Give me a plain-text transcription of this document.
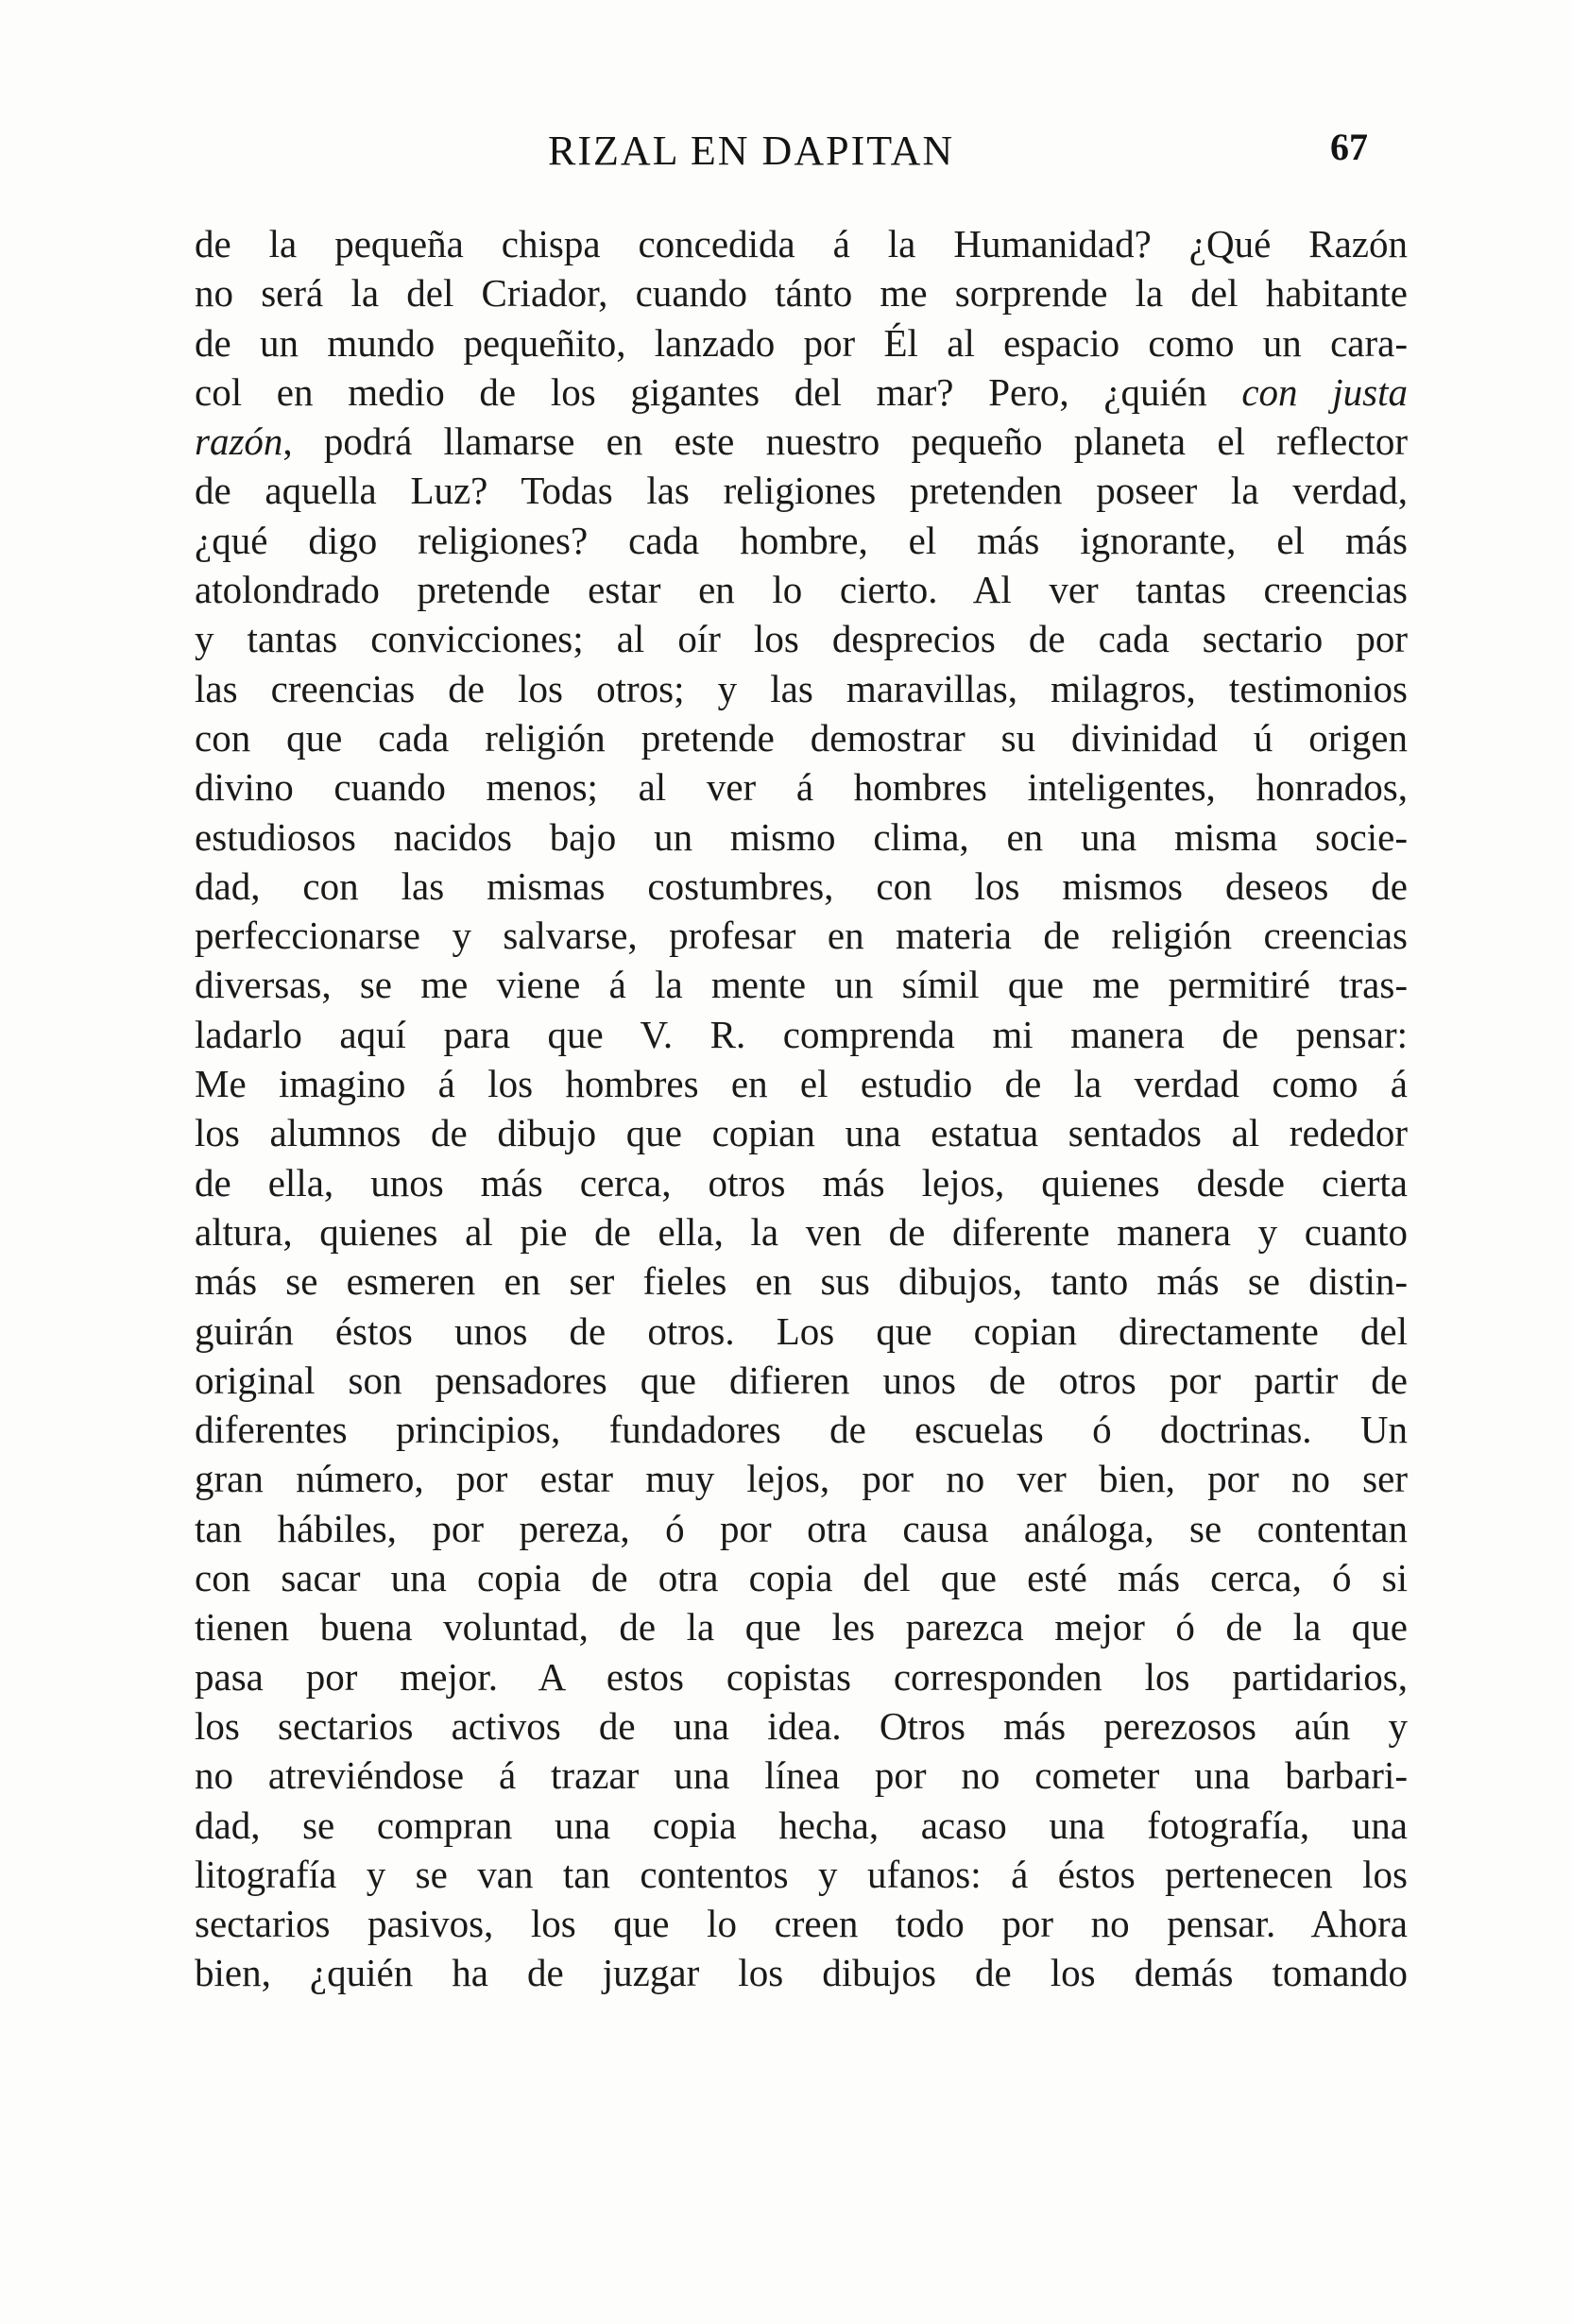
RIZAL EN DAPITAN	67
de la pequeña chispa concedida á la Humanidad? ¿Qué Razón
no será la del Criador, cuando tánto me sorprende la del habitante
de un mundo pequeñito, lanzado por Él al espacio como un cara-
col en medio de los gigantes del mar? Pero, ¿quién con justa
razón, podrá llamarse en este nuestro pequeño planeta el reflector
de aquella Luz? Todas las religiones pretenden poseer la verdad,
¿qué digo religiones? cada hombre, el más ignorante, el más
atolondrado pretende estar en lo cierto. Al ver tantas creencias
y tantas convicciones; al oír los desprecios de cada sectario por
las creencias de los otros; y las maravillas, milagros, testimonios
con que cada religión pretende demostrar su divinidad ú origen
divino cuando menos; al ver á hombres inteligentes, honrados,
estudiosos nacidos bajo un mismo clima, en una misma socie-
dad, con las mismas costumbres, con los mismos deseos de
perfeccionarse y salvarse, profesar en materia de religión creencias
diversas, se me viene á la mente un símil que me permitiré tras-
ladarlo aquí para que V. R. comprenda mi manera de pensar:
Me imagino á los hombres en el estudio de la verdad como á
los alumnos de dibujo que copian una estatua sentados al rededor
de ella, unos más cerca, otros más lejos, quienes desde cierta
altura, quienes al pie de ella, la ven de diferente manera y cuanto
más se esmeren en ser fieles en sus dibujos, tanto más se distin-
guirán éstos unos de otros. Los que copian directamente del
original son pensadores que difieren unos de otros por partir de
diferentes principios, fundadores de escuelas ó doctrinas. Un
gran número, por estar muy lejos, por no ver bien, por no ser
tan hábiles, por pereza, ó por otra causa análoga, se contentan
con sacar una copia de otra copia del que esté más cerca, ó si
tienen buena voluntad, de la que les parezca mejor ó de la que
pasa por mejor. A estos copistas corresponden los partidarios,
los sectarios activos de una idea. Otros más perezosos aún y
no atreviéndose á trazar una línea por no cometer una barbari-
dad, se compran una copia hecha, acaso una fotografía, una
litografía y se van tan contentos y ufanos: á éstos pertenecen los
sectarios pasivos, los que lo creen todo por no pensar. Ahora
bien, ¿quién ha de juzgar los dibujos de los demás tomando
